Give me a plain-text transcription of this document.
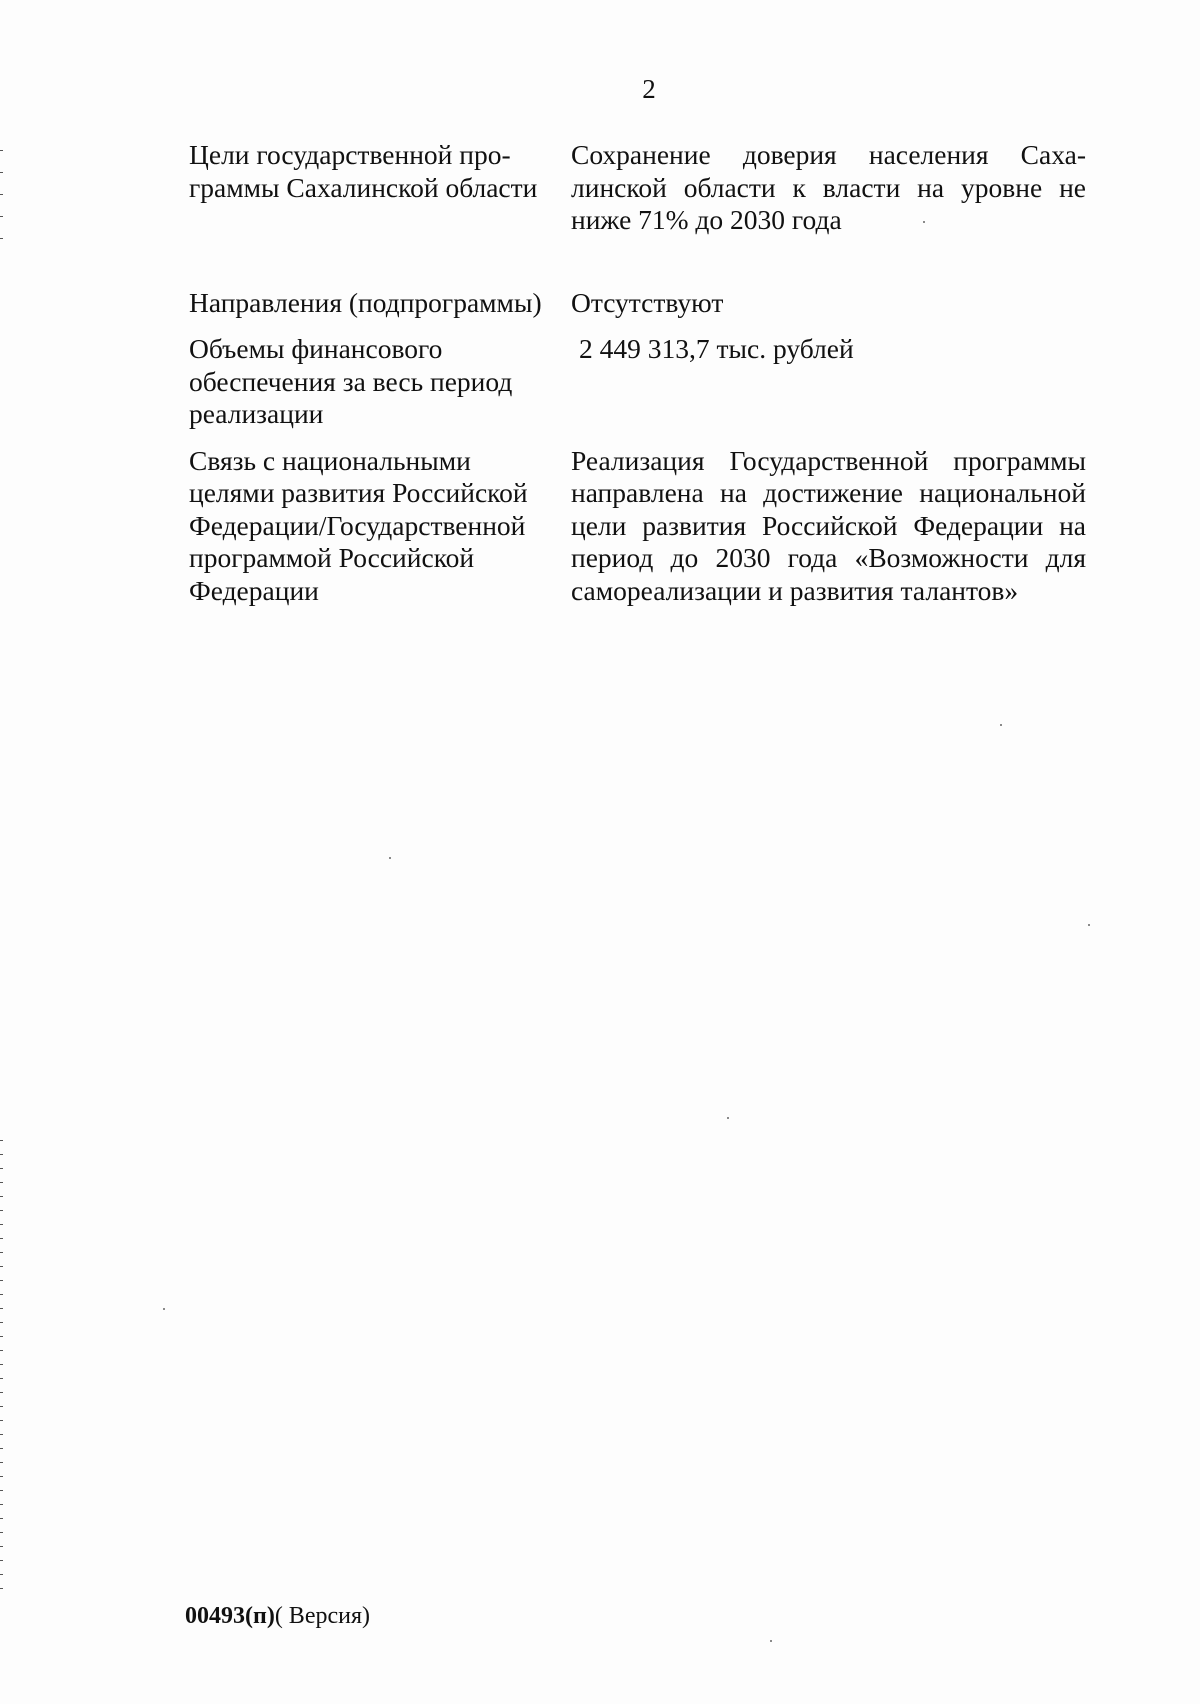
2
Цели государственной программы Сахалинской области
Сохранение доверия населения Сахалинской области к власти на уровне не ниже 71% до 2030 года
Направления (подпрограммы)	Отсутствуют
Объемы финансового обеспечения за весь период реализации
2 449 313,7 тыс. рублей
Связь с национальными целями развития Российской Федерации/Государственной программой Российской Федерации
Реализация Государственной программы направлена на достижение национальной цели развития Российской Федерации на период до 2030 года «Возможности для самореализации и развития талантов»
00493(п)( Версия)
